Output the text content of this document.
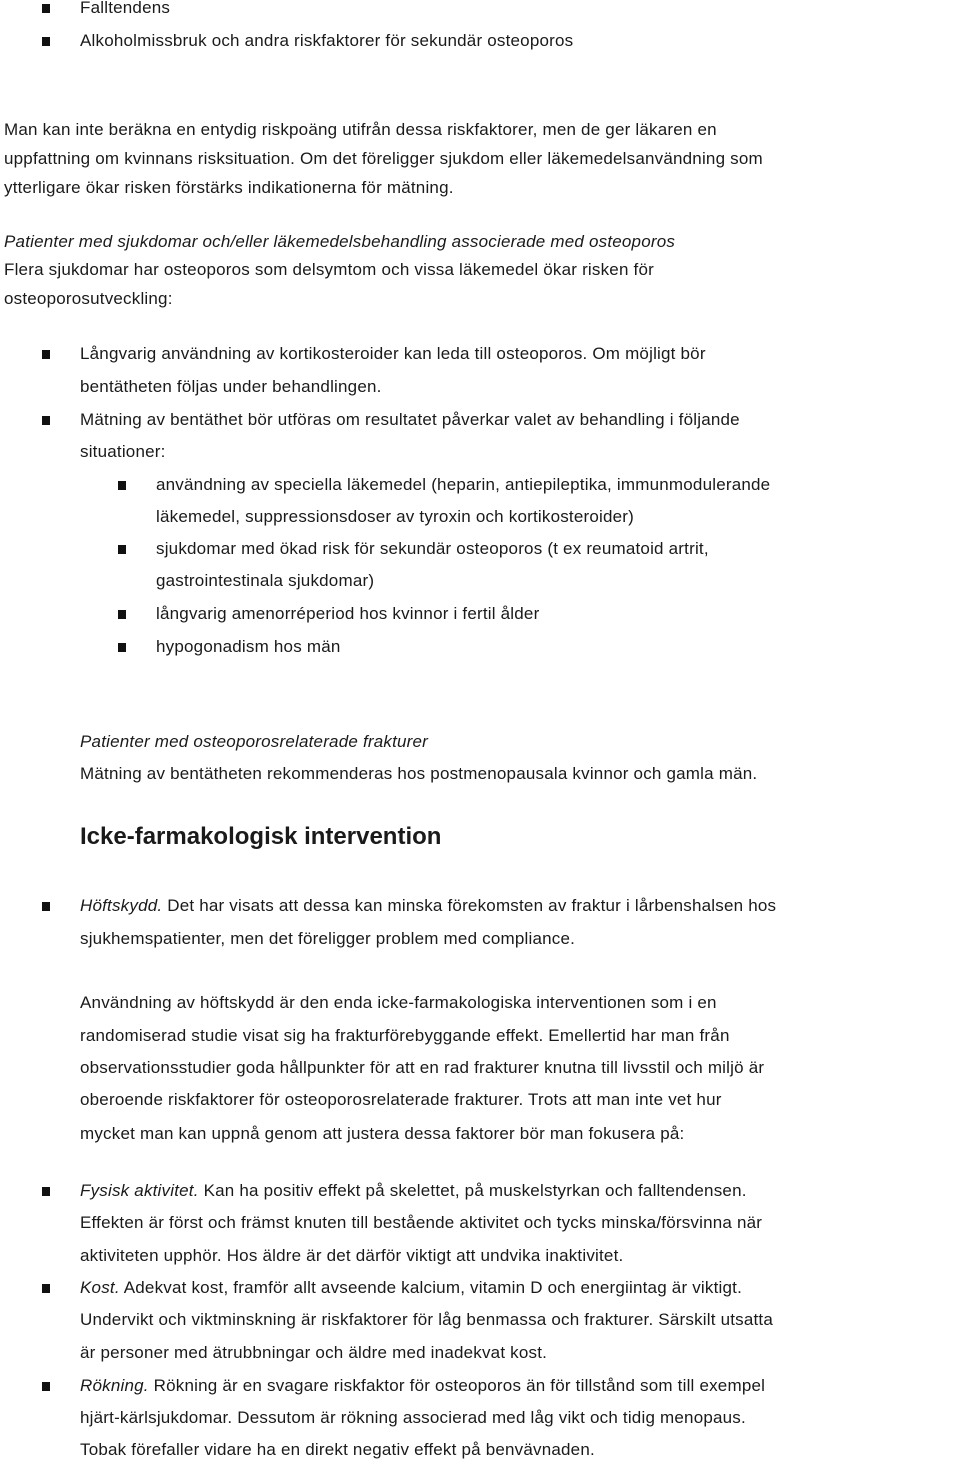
Falltendens
Alkoholmissbruk och andra riskfaktorer för sekundär osteoporos
Man kan inte beräkna en entydig riskpoäng utifrån dessa riskfaktorer, men de ger läkaren en
uppfattning om kvinnans risksituation. Om det föreligger sjukdom eller läkemedelsanvändning som
ytterligare ökar risken förstärks indikationerna för mätning.
Patienter med sjukdomar och/eller läkemedelsbehandling associerade med osteoporos
Flera sjukdomar har osteoporos som delsymtom och vissa läkemedel ökar risken för
osteoporosutveckling:
Långvarig användning av kortikosteroider kan leda till osteoporos. Om möjligt bör
bentätheten följas under behandlingen.
Mätning av bentäthet bör utföras om resultatet påverkar valet av behandling i följande
situationer:
användning av speciella läkemedel (heparin, antiepileptika, immunmodulerande
läkemedel, suppressionsdoser av tyroxin och kortikosteroider)
sjukdomar med ökad risk för sekundär osteoporos (t ex reumatoid artrit,
gastrointestinala sjukdomar)
långvarig amenorréperiod hos kvinnor i fertil ålder
hypogonadism hos män
Patienter med osteoporosrelaterade frakturer
Mätning av bentätheten rekommenderas hos postmenopausala kvinnor och gamla män.
Icke-farmakologisk intervention
Höftskydd. Det har visats att dessa kan minska förekomsten av fraktur i lårbenshalsen hos
sjukhemspatienter, men det föreligger problem med compliance.
Användning av höftskydd är den enda icke-farmakologiska interventionen som i en
randomiserad studie visat sig ha frakturförebyggande effekt. Emellertid har man från
observationsstudier goda hållpunkter för att en rad frakturer knutna till livsstil och miljö är
oberoende riskfaktorer för osteoporosrelaterade frakturer. Trots att man inte vet hur
mycket man kan uppnå genom att justera dessa faktorer bör man fokusera på:
Fysisk aktivitet. Kan ha positiv effekt på skelettet, på muskelstyrkan och falltendensen.
Effekten är först och främst knuten till bestående aktivitet och tycks minska/försvinna när
aktiviteten upphör. Hos äldre är det därför viktigt att undvika inaktivitet.
Kost. Adekvat kost, framför allt avseende kalcium, vitamin D och energiintag är viktigt.
Undervikt och viktminskning är riskfaktorer för låg benmassa och frakturer. Särskilt utsatta
är personer med ätrubbningar och äldre med inadekvat kost.
Rökning. Rökning är en svagare riskfaktor för osteoporos än för tillstånd som till exempel
hjärt-kärlsjukdomar. Dessutom är rökning associerad med låg vikt och tidig menopaus.
Tobak förefaller vidare ha en direkt negativ effekt på benvävnaden.
